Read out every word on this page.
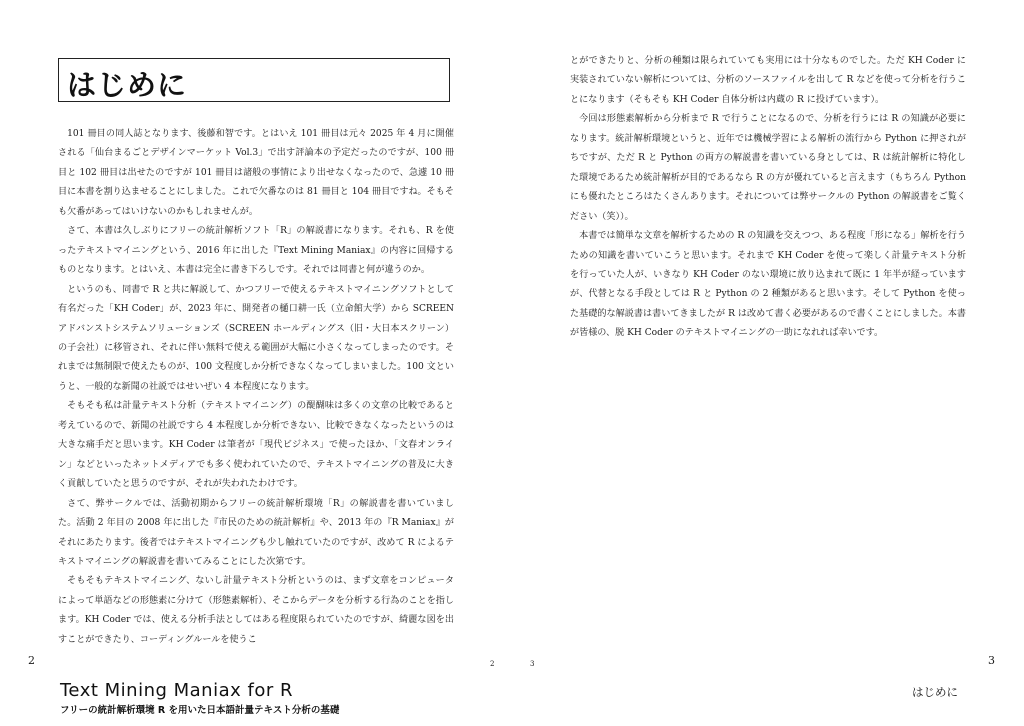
はじめに

101 冊目の同人誌となります、後藤和智です。とはいえ 101 冊目は元々 2025 年 4 月に開催される「仙台まるごとデザインマーケット Vol.3」で出す評論本の予定だったのですが、100 冊目と 102 冊目は出せたのですが 101 冊目は諸般の事情により出せなくなったので、急遽 10 冊目に本書を割り込ませることにしました。これで欠番なのは 81 冊目と 104 冊目ですね。そもそも欠番があってはいけないのかもしれませんが。

さて、本書は久しぶりにフリーの統計解析ソフト「R」の解説書になります。それも、R を使ったテキストマイニングという、2016 年に出した『Text Mining Maniax』の内容に回帰するものとなります。とはいえ、本書は完全に書き下ろしです。それでは同書と何が違うのか。

というのも、同書で R と共に解説して、かつフリーで使えるテキストマイニングソフトとして有名だった「KH Coder」が、2023 年に、開発者の樋口耕一氏（立命館大学）から SCREEN アドバンストシステムソリューションズ（SCREEN ホールディングス（旧・大日本スクリーン）の子会社）に移管され、それに伴い無料で使える範囲が大幅に小さくなってしまったのです。それまでは無制限で使えたものが、100 文程度しか分析できなくなってしまいました。100 文というと、一般的な新聞の社説ではせいぜい 4 本程度になります。

そもそも私は計量テキスト分析（テキストマイニング）の醍醐味は多くの文章の比較であると考えているので、新聞の社説ですら 4 本程度しか分析できない、比較できなくなったというのは大きな痛手だと思います。KH Coder は筆者が「現代ビジネス」で使ったほか、「文春オンライン」などといったネットメディアでも多く使われていたので、テキストマイニングの普及に大きく貢献していたと思うのですが、それが失われたわけです。

さて、弊サークルでは、活動初期からフリーの統計解析環境「R」の解説書を書いていました。活動 2 年目の 2008 年に出した『市民のための統計解析』や、2013 年の『R Maniax』がそれにあたります。後者ではテキストマイニングも少し触れていたのですが、改めて R によるテキストマイニングの解説書を書いてみることにした次第です。

そもそもテキストマイニング、ないし計量テキスト分析というのは、まず文章をコンピュータによって単語などの形態素に分けて（形態素解析）、そこからデータを分析する行為のことを指します。KH Coder では、使える分析手法としてはある程度限られていたのですが、綺麗な図を出すことができたり、コーディングルールを使うこ

とができたりと、分析の種類は限られていても実用には十分なものでした。ただ KH Coder に実装されていない解析については、分析のソースファイルを出して R などを使って分析を行うことになります（そもそも KH Coder 自体分析は内蔵の R に投げています）。

今回は形態素解析から分析まで R で行うことになるので、分析を行うには R の知識が必要になります。統計解析環境というと、近年では機械学習による解析の流行から Python に押されがちですが、ただ R と Python の両方の解説書を書いている身としては、R は統計解析に特化した環境であるため統計解析が目的であるなら R の方が優れていると言えます（もちろん Python にも優れたところはたくさんあります。それについては弊サークルの Python の解説書をご覧ください（笑））。

本書では簡単な文章を解析するための R の知識を交えつつ、ある程度「形になる」解析を行うための知識を書いていこうと思います。それまで KH Coder を使って楽しく計量テキスト分析を行っていた人が、いきなり KH Coder のない環境に放り込まれて既に 1 年半が経っていますが、代替となる手段としては R と Python の 2 種類があると思います。そして Python を使った基礎的な解説書は書いてきましたが R は改めて書く必要があるので書くことにしました。本書が皆様の、脱 KH Coder のテキストマイニングの一助になれれば幸いです。

2	2	3	3
Text Mining Maniax for R
フリーの統計解析環境 R を用いた日本語計量テキスト分析の基礎
はじめに
